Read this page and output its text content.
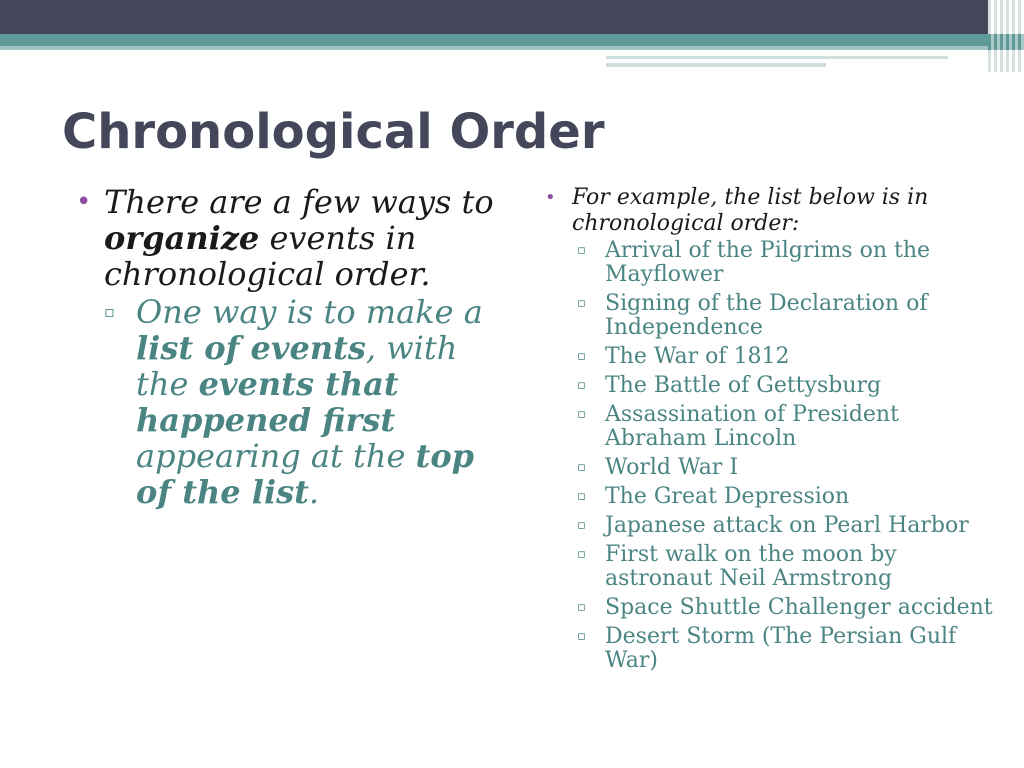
Chronological Order
• There are a few ways to organize events in chronological order.
▫ One way is to make a list of events, with the events that happened first appearing at the top of the list.
• For example, the list below is in chronological order:
▫ Arrival of the Pilgrims on the Mayflower
▫ Signing of the Declaration of Independence
▫ The War of 1812
▫ The Battle of Gettysburg
▫ Assassination of President Abraham Lincoln
▫ World War I
▫ The Great Depression
▫ Japanese attack on Pearl Harbor
▫ First walk on the moon by astronaut Neil Armstrong
▫ Space Shuttle Challenger accident
▫ Desert Storm (The Persian Gulf War)
